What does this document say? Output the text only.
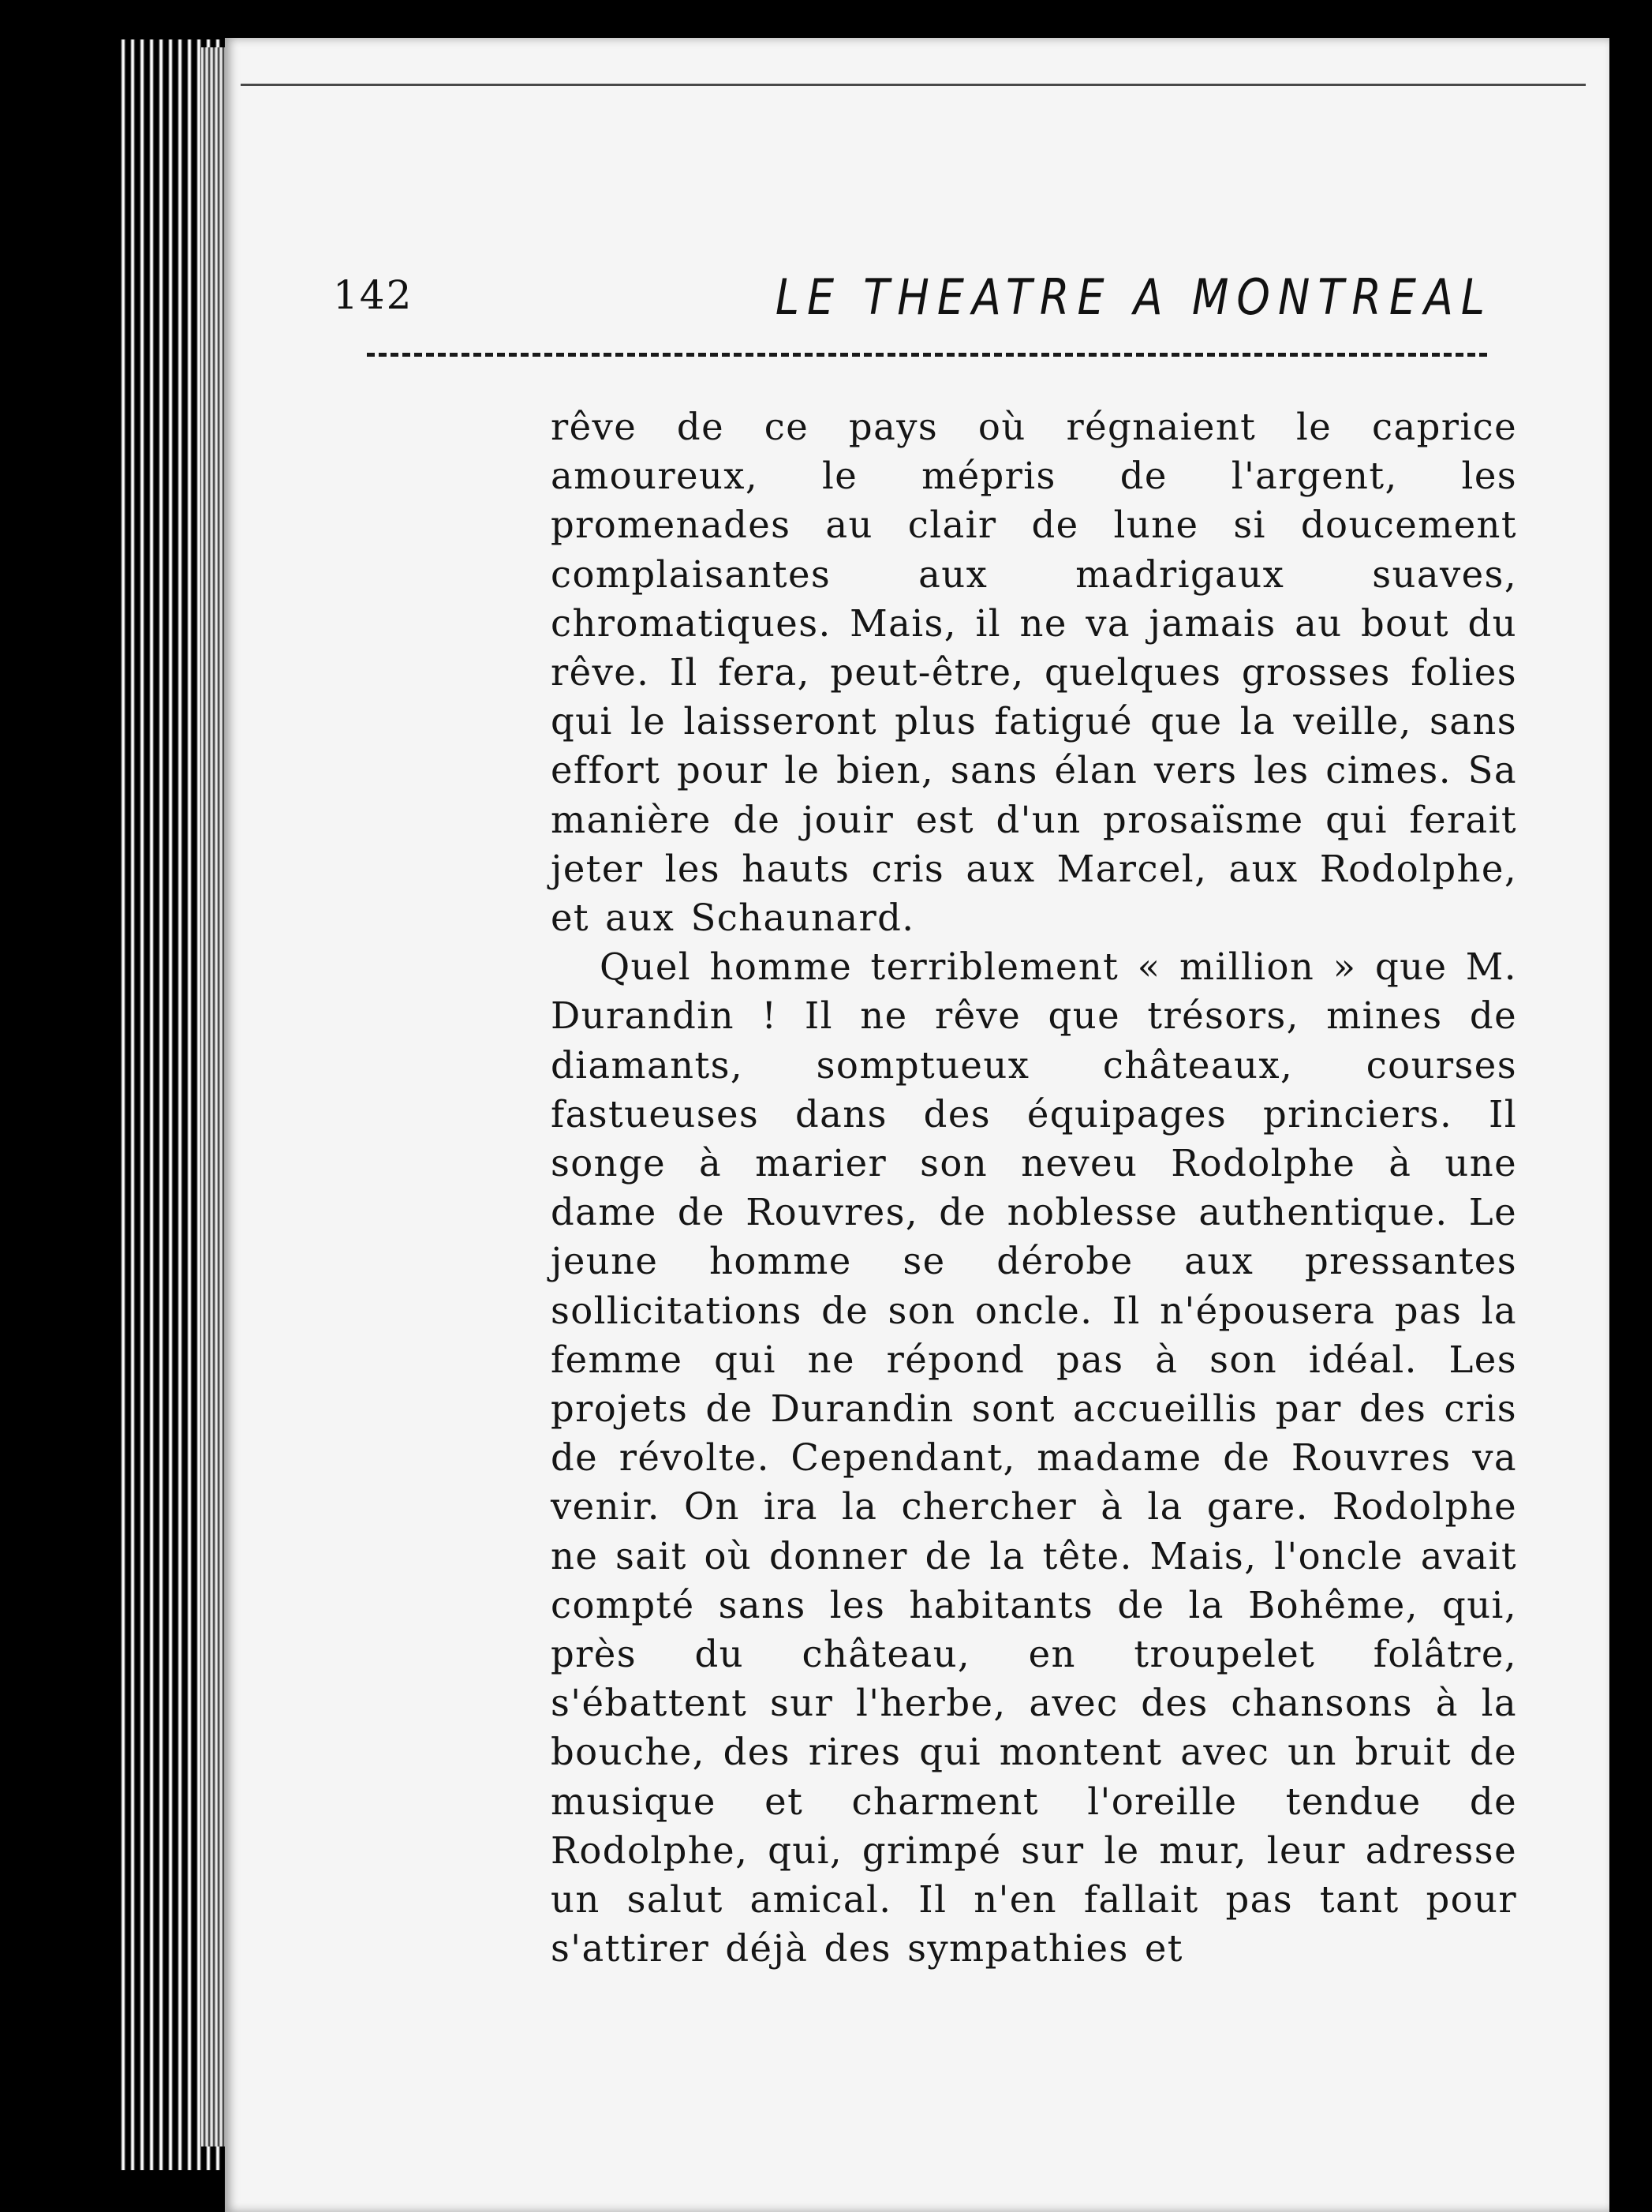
142	LE THEATRE A MONTREAL

rêve de ce pays où régnaient le caprice amoureux, le mépris de l'argent, les promenades au clair de lune si doucement complaisantes aux madrigaux suaves, chromatiques. Mais, il ne va jamais au bout du rêve. Il fera, peut-être, quelques grosses folies qui le laisseront plus fatigué que la veille, sans effort pour le bien, sans élan vers les cimes. Sa manière de jouir est d'un prosaïsme qui ferait jeter les hauts cris aux Marcel, aux Rodolphe, et aux Schaunard.

Quel homme terriblement « million » que M. Durandin ! Il ne rêve que trésors, mines de diamants, somptueux châteaux, courses fastueuses dans des équipages princiers. Il songe à marier son neveu Rodolphe à une dame de Rouvres, de noblesse authentique. Le jeune homme se dérobe aux pressantes sollicitations de son oncle. Il n'épousera pas la femme qui ne répond pas à son idéal. Les projets de Durandin sont accueillis par des cris de révolte. Cependant, madame de Rouvres va venir. On ira la chercher à la gare. Rodolphe ne sait où donner de la tête. Mais, l'oncle avait compté sans les habitants de la Bohême, qui, près du château, en troupelet folâtre, s'ébattent sur l'herbe, avec des chansons à la bouche, des rires qui montent avec un bruit de musique et charment l'oreille tendue de Rodolphe, qui, grimpé sur le mur, leur adresse un salut amical. Il n'en fallait pas tant pour s'attirer déjà des sympathies et
